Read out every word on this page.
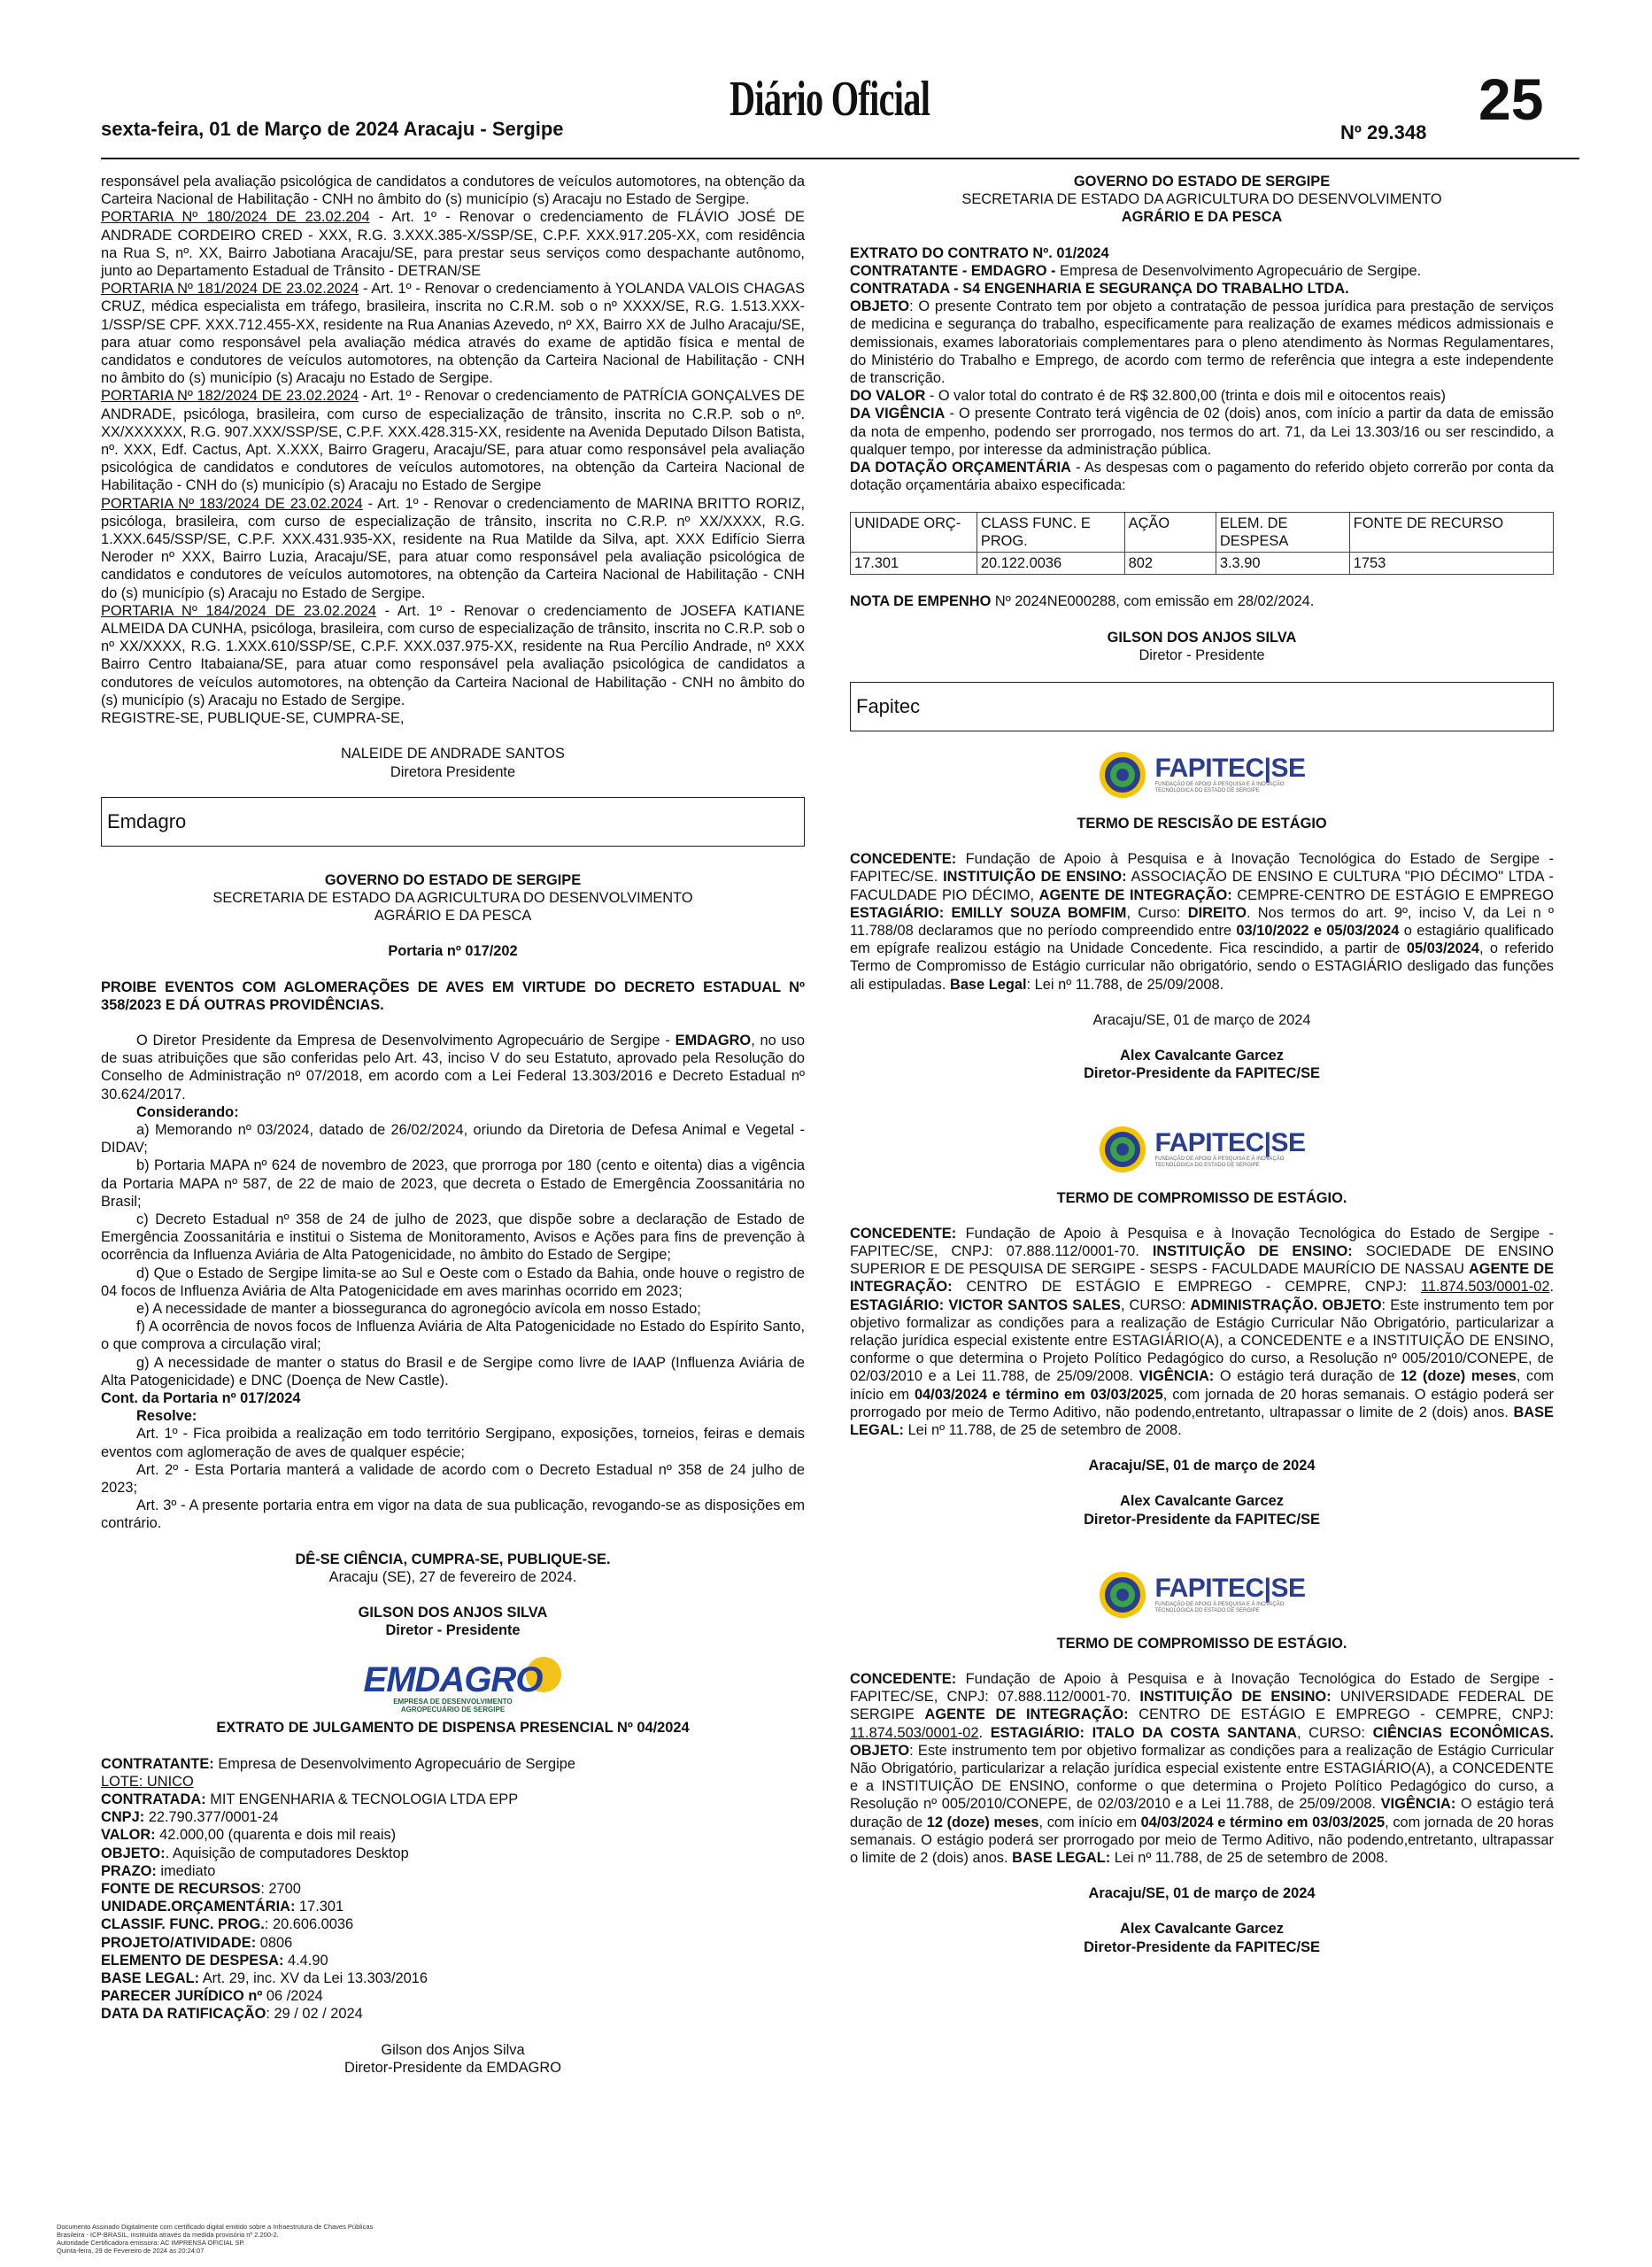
sexta-feira, 01 de Março de 2024 Aracaju - Sergipe
Diário Oficial
Nº 29.348
25

responsável pela avaliação psicológica de candidatos a condutores de veículos automotores, na obtenção da Carteira Nacional de Habilitação - CNH no âmbito do (s) município (s) Aracaju no Estado de Sergipe.

PORTARIA Nº 180/2024 DE 23.02.204 - Art. 1º - Renovar o credenciamento de FLÁVIO JOSÉ DE ANDRADE CORDEIRO CRED - XXX, R.G. 3.XXX.385-X/SSP/SE, C.P.F. XXX.917.205-XX, com residência na Rua S, nº. XX, Bairro Jabotiana Aracaju/SE, para prestar seus serviços como despachante autônomo, junto ao Departamento Estadual de Trânsito - DETRAN/SE

PORTARIA Nº 181/2024 DE 23.02.2024 - Art. 1º - Renovar o credenciamento à YOLANDA VALOIS CHAGAS CRUZ, médica especialista em tráfego, brasileira, inscrita no C.R.M. sob o nº XXXX/SE, R.G. 1.513.XXX-1/SSP/SE CPF. XXX.712.455-XX, residente na Rua Ananias Azevedo, nº XX, Bairro XX de Julho Aracaju/SE, para atuar como responsável pela avaliação médica através do exame de aptidão física e mental de candidatos e condutores de veículos automotores, na obtenção da Carteira Nacional de Habilitação - CNH no âmbito do (s) município (s) Aracaju no Estado de Sergipe.

PORTARIA Nº 182/2024 DE 23.02.2024 - Art. 1º - Renovar o credenciamento de PATRÍCIA GONÇALVES DE ANDRADE, psicóloga, brasileira, com curso de especialização de trânsito, inscrita no C.R.P. sob o nº. XX/XXXXXX, R.G. 907.XXX/SSP/SE, C.P.F. XXX.428.315-XX, residente na Avenida Deputado Dilson Batista, nº. XXX, Edf. Cactus, Apt. X.XXX, Bairro Grageru, Aracaju/SE, para atuar como responsável pela avaliação psicológica de candidatos e condutores de veículos automotores, na obtenção da Carteira Nacional de Habilitação - CNH do (s) município (s) Aracaju no Estado de Sergipe

PORTARIA Nº 183/2024 DE 23.02.2024 - Art. 1º - Renovar o credenciamento de MARINA BRITTO RORIZ, psicóloga, brasileira, com curso de especialização de trânsito, inscrita no C.R.P. nº XX/XXXX, R.G. 1.XXX.645/SSP/SE, C.P.F. XXX.431.935-XX, residente na Rua Matilde da Silva, apt. XXX Edifício Sierra Neroder nº XXX, Bairro Luzia, Aracaju/SE, para atuar como responsável pela avaliação psicológica de candidatos e condutores de veículos automotores, na obtenção da Carteira Nacional de Habilitação - CNH do (s) município (s) Aracaju no Estado de Sergipe.

PORTARIA Nº 184/2024 DE 23.02.2024 - Art. 1º - Renovar o credenciamento de JOSEFA KATIANE ALMEIDA DA CUNHA, psicóloga, brasileira, com curso de especialização de trânsito, inscrita no C.R.P. sob o nº XX/XXXX, R.G. 1.XXX.610/SSP/SE, C.P.F. XXX.037.975-XX, residente na Rua Percílio Andrade, nº XXX Bairro Centro Itabaiana/SE, para atuar como responsável pela avaliação psicológica de candidatos a condutores de veículos automotores, na obtenção da Carteira Nacional de Habilitação - CNH no âmbito do (s) município (s) Aracaju no Estado de Sergipe.

REGISTRE-SE, PUBLIQUE-SE, CUMPRA-SE,

NALEIDE DE ANDRADE SANTOS

Diretora Presidente

Emdagro

GOVERNO DO ESTADO DE SERGIPE

SECRETARIA DE ESTADO DA AGRICULTURA DO DESENVOLVIMENTO

AGRÁRIO E DA PESCA

Portaria nº 017/202

PROIBE EVENTOS COM AGLOMERAÇÕES DE AVES EM VIRTUDE DO DECRETO ESTADUAL Nº 358/2023 E DÁ OUTRAS PROVIDÊNCIAS.

O Diretor Presidente da Empresa de Desenvolvimento Agropecuário de Sergipe - EMDAGRO, no uso de suas atribuições que são conferidas pelo Art. 43, inciso V do seu Estatuto, aprovado pela Resolução do Conselho de Administração nº 07/2018, em acordo com a Lei Federal 13.303/2016 e Decreto Estadual nº 30.624/2017.

Considerando:

a) Memorando nº 03/2024, datado de 26/02/2024, oriundo da Diretoria de Defesa Animal e Vegetal - DIDAV;

b) Portaria MAPA nº 624 de novembro de 2023, que prorroga por 180 (cento e oitenta) dias a vigência da Portaria MAPA nº 587, de 22 de maio de 2023, que decreta o Estado de Emergência Zoossanitária no Brasil;

c) Decreto Estadual nº 358 de 24 de julho de 2023, que dispõe sobre a declaração de Estado de Emergência Zoossanitária e institui o Sistema de Monitoramento, Avisos e Ações para fins de prevenção à ocorrência da Influenza Aviária de Alta Patogenicidade, no âmbito do Estado de Sergipe;

d) Que o Estado de Sergipe limita-se ao Sul e Oeste com o Estado da Bahia, onde houve o registro de 04 focos de Influenza Aviária de Alta Patogenicidade em aves marinhas ocorrido em 2023;

e) A necessidade de manter a biosseguranca do agronegócio avícola em nosso Estado;

f) A ocorrência de novos focos de Influenza Aviária de Alta Patogenicidade no Estado do Espírito Santo, o que comprova a circulação viral;

g) A necessidade de manter o status do Brasil e de Sergipe como livre de IAAP (Influenza Aviária de Alta Patogenicidade) e DNC (Doença de New Castle).

Cont. da Portaria nº 017/2024

Resolve:

Art. 1º - Fica proibida a realização em todo território Sergipano, exposições, torneios, feiras e demais eventos com aglomeração de aves de qualquer espécie;

Art. 2º - Esta Portaria manterá a validade de acordo com o Decreto Estadual nº 358 de 24 julho de 2023;

Art. 3º - A presente portaria entra em vigor na data de sua publicação, revogando-se as disposições em contrário.

DÊ-SE CIÊNCIA, CUMPRA-SE, PUBLIQUE-SE.

Aracaju (SE), 27 de fevereiro de 2024.

GILSON DOS ANJOS SILVA

Diretor - Presidente

EMDAGRO
EMPRESA DE DESENVOLVIMENTO
AGROPECUÁRIO DE SERGIPE

EXTRATO DE JULGAMENTO DE DISPENSA PRESENCIAL Nº 04/2024

CONTRATANTE: Empresa de Desenvolvimento Agropecuário de Sergipe

LOTE: UNICO

CONTRATADA: MIT ENGENHARIA & TECNOLOGIA LTDA EPP

CNPJ: 22.790.377/0001-24

VALOR: 42.000,00 (quarenta e dois mil reais)

OBJETO:. Aquisição de computadores Desktop

PRAZO: imediato

FONTE DE RECURSOS: 2700

UNIDADE.ORÇAMENTÁRIA: 17.301

CLASSIF. FUNC. PROG.: 20.606.0036

PROJETO/ATIVIDADE: 0806

ELEMENTO DE DESPESA: 4.4.90

BASE LEGAL: Art. 29, inc. XV da Lei 13.303/2016

PARECER JURÍDICO nº 06 /2024

DATA DA RATIFICAÇÃO: 29 / 02 / 2024

Gilson dos Anjos Silva

Diretor-Presidente da EMDAGRO

GOVERNO DO ESTADO DE SERGIPE

SECRETARIA DE ESTADO DA AGRICULTURA DO DESENVOLVIMENTO

AGRÁRIO E DA PESCA

EXTRATO DO CONTRATO Nº. 01/2024

CONTRATANTE - EMDAGRO - Empresa de Desenvolvimento Agropecuário de Sergipe.

CONTRATADA - S4 ENGENHARIA E SEGURANÇA DO TRABALHO LTDA.

OBJETO: O presente Contrato tem por objeto a contratação de pessoa jurídica para prestação de serviços de medicina e segurança do trabalho, especificamente para realização de exames médicos admissionais e demissionais, exames laboratoriais complementares para o pleno atendimento às Normas Regulamentares, do Ministério do Trabalho e Emprego, de acordo com termo de referência que integra a este independente de transcrição.

DO VALOR - O valor total do contrato é de R$ 32.800,00 (trinta e dois mil e oitocentos reais)

DA VIGÊNCIA - O presente Contrato terá vigência de 02 (dois) anos, com início a partir da data de emissão da nota de empenho, podendo ser prorrogado, nos termos do art. 71, da Lei 13.303/16 ou ser rescindido, a qualquer tempo, por interesse da administração pública.

DA DOTAÇÃO ORÇAMENTÁRIA - As despesas com o pagamento do referido objeto correrão por conta da dotação orçamentária abaixo especificada:

UNIDADE ORÇ-	CLASS FUNC. E PROG.	AÇÃO	ELEM. DE DESPESA	FONTE DE RECURSO
17.301	20.122.0036	802	3.3.90	1753

NOTA DE EMPENHO Nº 2024NE000288, com emissão em 28/02/2024.

GILSON DOS ANJOS SILVA

Diretor - Presidente

Fapitec
FAPITEC|SE
FUNDAÇÃO DE APOIO À PESQUISA E À INOVAÇÃO
TECNOLÓGICA DO ESTADO DE SERGIPE

TERMO DE RESCISÃO DE ESTÁGIO

CONCEDENTE: Fundação de Apoio à Pesquisa e à Inovação Tecnológica do Estado de Sergipe - FAPITEC/SE. INSTITUIÇÃO DE ENSINO: ASSOCIAÇÃO DE ENSINO E CULTURA "PIO DÉCIMO" LTDA - FACULDADE PIO DÉCIMO, AGENTE DE INTEGRAÇÃO: CEMPRE-CENTRO DE ESTÁGIO E EMPREGO ESTAGIÁRIO: EMILLY SOUZA BOMFIM, Curso: DIREITO. Nos termos do art. 9º, inciso V, da Lei n º 11.788/08 declaramos que no período compreendido entre 03/10/2022 e 05/03/2024 o estagiário qualificado em epígrafe realizou estágio na Unidade Concedente. Fica rescindido, a partir de 05/03/2024, o referido Termo de Compromisso de Estágio curricular não obrigatório, sendo o ESTAGIÁRIO desligado das funções ali estipuladas. Base Legal: Lei nº 11.788, de 25/09/2008.

Aracaju/SE, 01 de março de 2024

Alex Cavalcante Garcez

Diretor-Presidente da FAPITEC/SE

FAPITEC|SE
FUNDAÇÃO DE APOIO À PESQUISA E À INOVAÇÃO
TECNOLÓGICA DO ESTADO DE SERGIPE

TERMO DE COMPROMISSO DE ESTÁGIO.

CONCEDENTE: Fundação de Apoio à Pesquisa e à Inovação Tecnológica do Estado de Sergipe - FAPITEC/SE, CNPJ: 07.888.112/0001-70. INSTITUIÇÃO DE ENSINO: SOCIEDADE DE ENSINO SUPERIOR E DE PESQUISA DE SERGIPE - SESPS - FACULDADE MAURÍCIO DE NASSAU AGENTE DE INTEGRAÇÃO: CENTRO DE ESTÁGIO E EMPREGO - CEMPRE, CNPJ: 11.874.503/0001-02. ESTAGIÁRIO: VICTOR SANTOS SALES, CURSO: ADMINISTRAÇÃO. OBJETO: Este instrumento tem por objetivo formalizar as condições para a realização de Estágio Curricular Não Obrigatório, particularizar a relação jurídica especial existente entre ESTAGIÁRIO(A), a CONCEDENTE e a INSTITUIÇÃO DE ENSINO, conforme o que determina o Projeto Político Pedagógico do curso, a Resolução nº 005/2010/CONEPE, de 02/03/2010 e a Lei 11.788, de 25/09/2008. VIGÊNCIA: O estágio terá duração de 12 (doze) meses, com início em 04/03/2024 e término em 03/03/2025, com jornada de 20 horas semanais. O estágio poderá ser prorrogado por meio de Termo Aditivo, não podendo,entretanto, ultrapassar o limite de 2 (dois) anos. BASE LEGAL: Lei nº 11.788, de 25 de setembro de 2008.

Aracaju/SE, 01 de março de 2024

Alex Cavalcante Garcez

Diretor-Presidente da FAPITEC/SE

FAPITEC|SE
FUNDAÇÃO DE APOIO À PESQUISA E À INOVAÇÃO
TECNOLÓGICA DO ESTADO DE SERGIPE

TERMO DE COMPROMISSO DE ESTÁGIO.

CONCEDENTE: Fundação de Apoio à Pesquisa e à Inovação Tecnológica do Estado de Sergipe - FAPITEC/SE, CNPJ: 07.888.112/0001-70. INSTITUIÇÃO DE ENSINO: UNIVERSIDADE FEDERAL DE SERGIPE AGENTE DE INTEGRAÇÃO: CENTRO DE ESTÁGIO E EMPREGO - CEMPRE, CNPJ: 11.874.503/0001-02. ESTAGIÁRIO: ITALO DA COSTA SANTANA, CURSO: CIÊNCIAS ECONÔMICAS. OBJETO: Este instrumento tem por objetivo formalizar as condições para a realização de Estágio Curricular Não Obrigatório, particularizar a relação jurídica especial existente entre ESTAGIÁRIO(A), a CONCEDENTE e a INSTITUIÇÃO DE ENSINO, conforme o que determina o Projeto Político Pedagógico do curso, a Resolução nº 005/2010/CONEPE, de 02/03/2010 e a Lei 11.788, de 25/09/2008. VIGÊNCIA: O estágio terá duração de 12 (doze) meses, com início em 04/03/2024 e término em 03/03/2025, com jornada de 20 horas semanais. O estágio poderá ser prorrogado por meio de Termo Aditivo, não podendo,entretanto, ultrapassar o limite de 2 (dois) anos. BASE LEGAL: Lei nº 11.788, de 25 de setembro de 2008.

Aracaju/SE, 01 de março de 2024

Alex Cavalcante Garcez

Diretor-Presidente da FAPITEC/SE

Documento Assinado Digitalmente com certificado digital emitido sobre a Infraestrutura de Chaves Públicas
Brasileira - ICP-BRASIL, instituída através da medida provisória nº 2.200-2.
Autoridade Certificadora emissora: AC IMPRENSA OFICIAL SP.
Quinta-feira, 29 de Fevereiro de 2024 às 20:24:07
